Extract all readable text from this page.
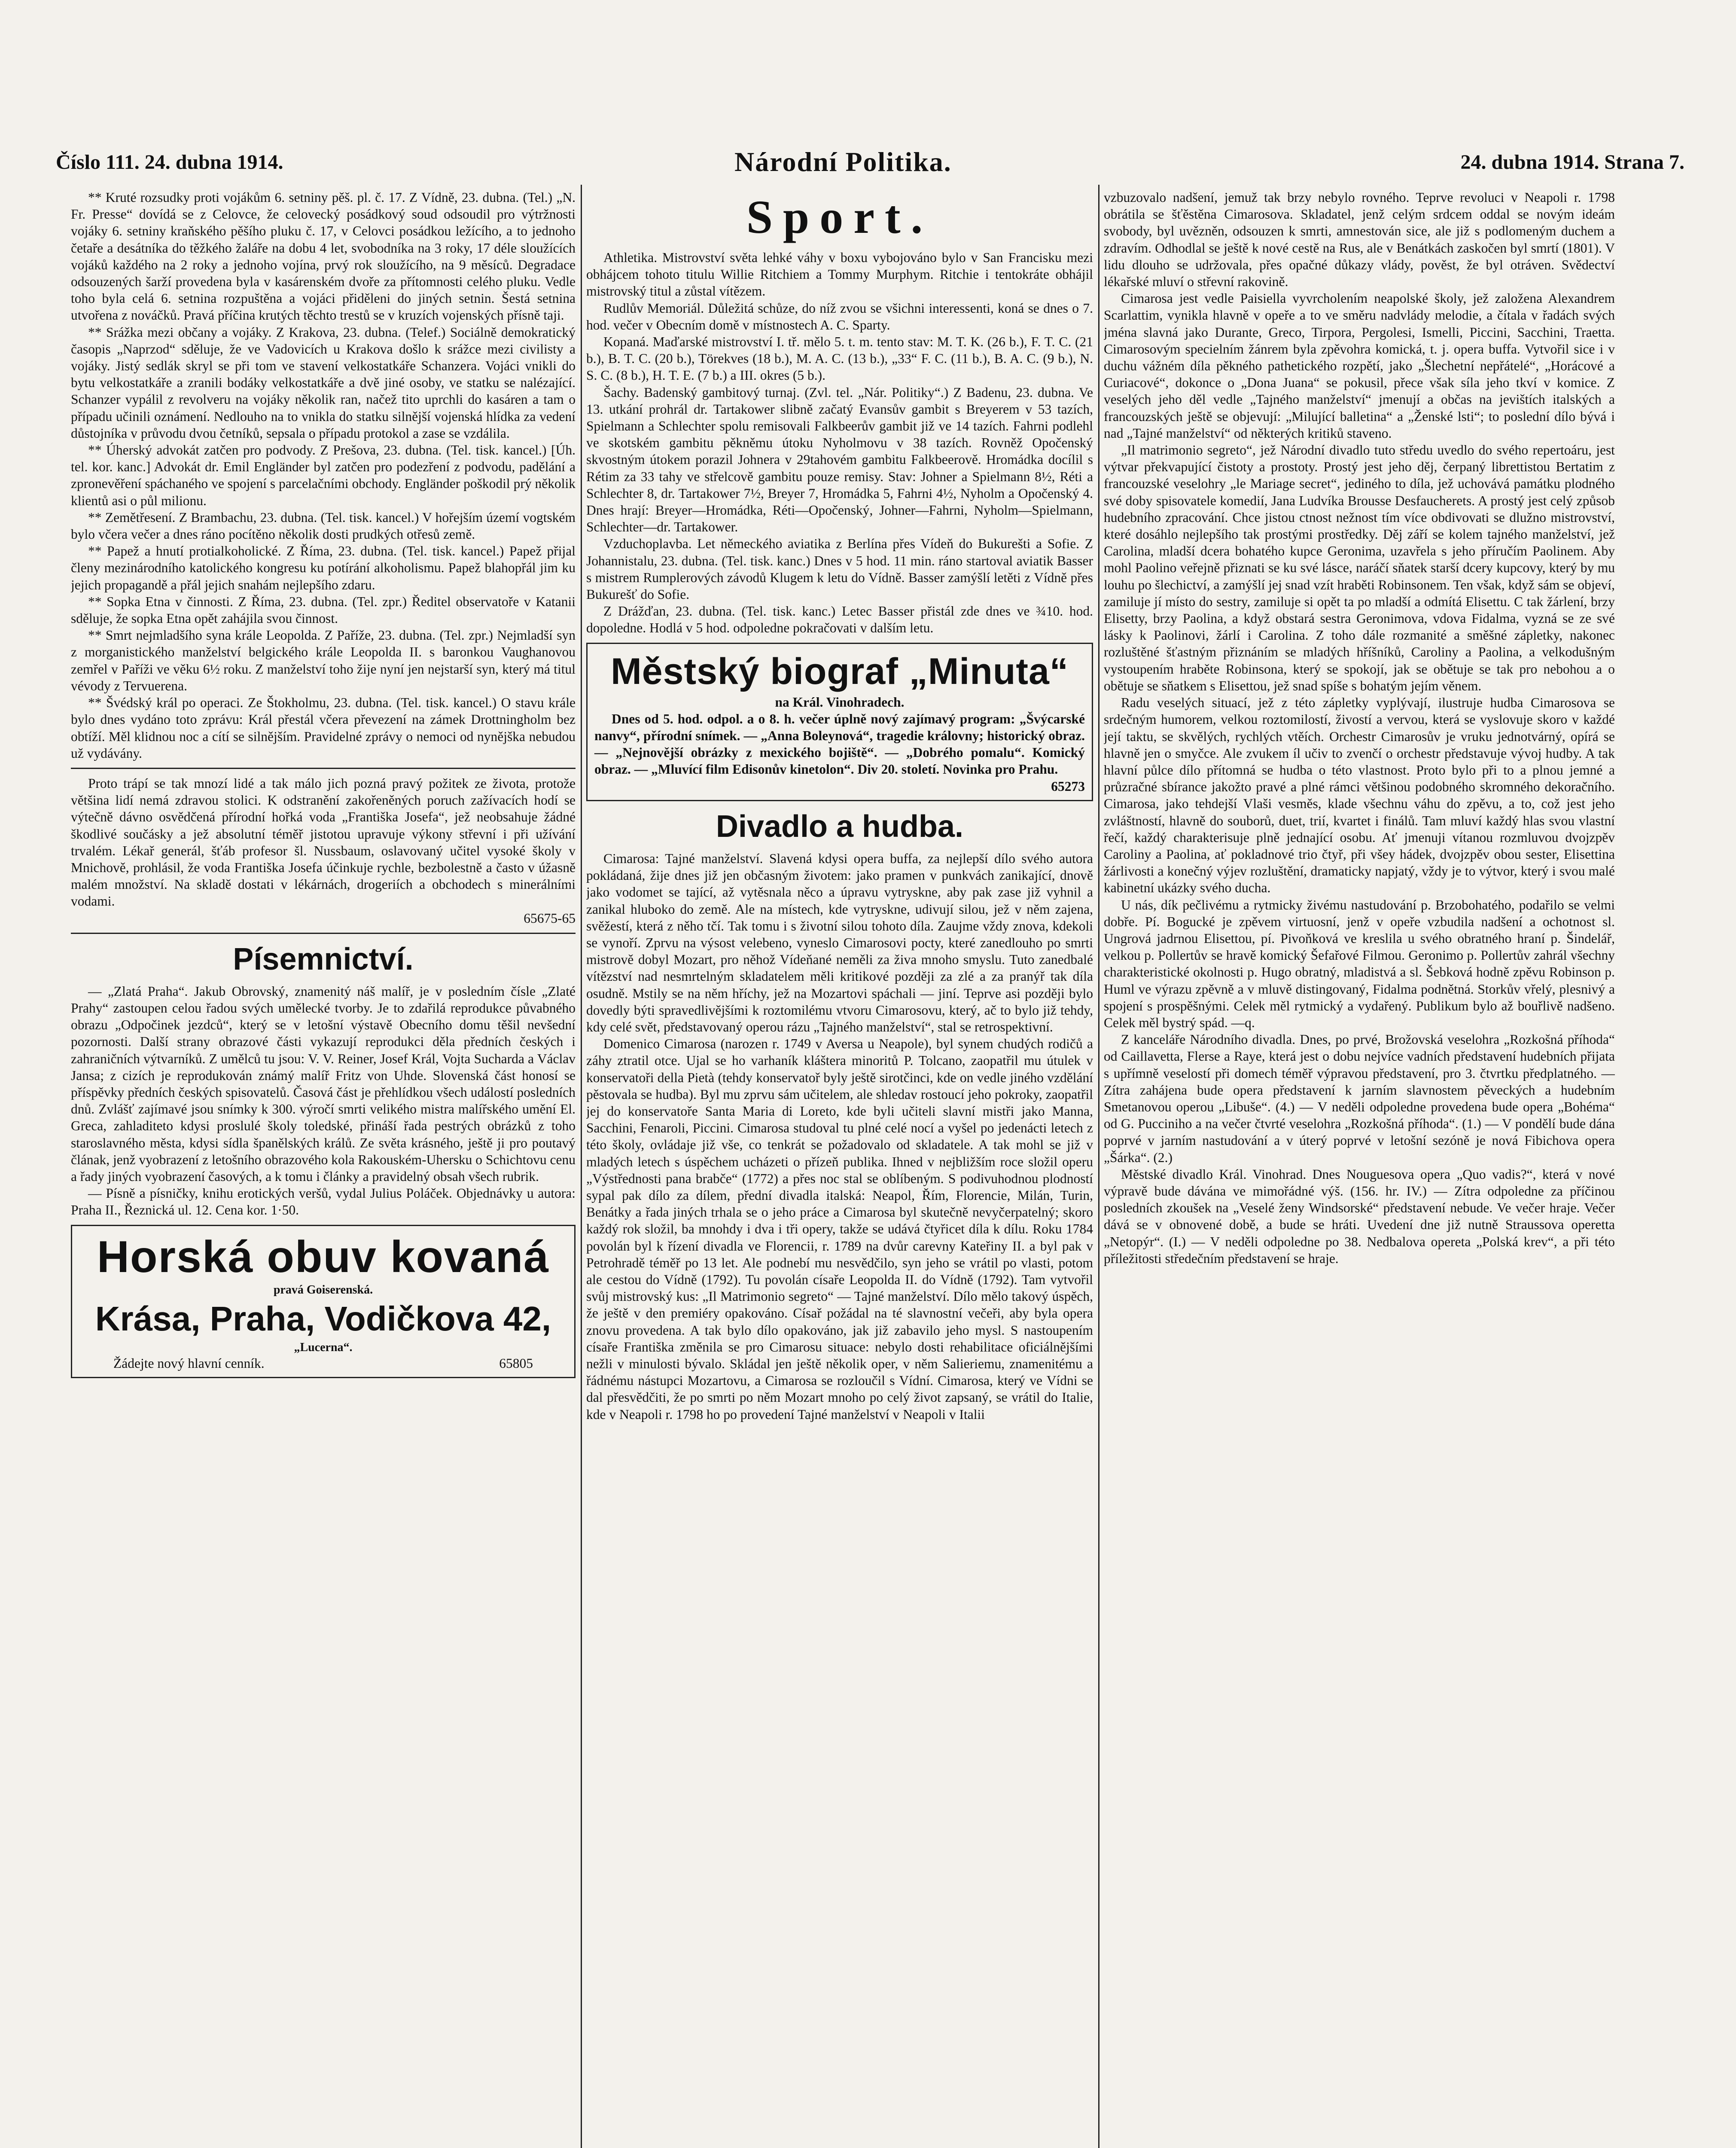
Číslo 111. 24. dubna 1914.	Národní Politika.	24. dubna 1914. Strana 7.

** Kruté rozsudky proti vojákům 6. setniny pěš. pl. č. 17. Z Vídně, 23. dubna. (Tel.) „N. Fr. Presse“ dovídá se z Celovce, že celovecký posádkový soud odsoudil pro výtržnosti vojáky 6. setniny kraňského pěšího pluku č. 17, v Celovci posádkou ležícího, a to jednoho četaře a desátníka do těžkého žaláře na dobu 4 let, svobodníka na 3 roky, 17 déle sloužících vojáků každého na 2 roky a jednoho vojína, prvý rok sloužícího, na 9 měsíců. Degradace odsouzených šarží provedena byla v kasárenském dvoře za přítomnosti celého pluku. Vedle toho byla celá 6. setnina rozpuštěna a vojáci přiděleni do jiných setnin. Šestá setnina utvořena z nováčků. Pravá příčina krutých těchto trestů se v kruzích vojenských přísně taji.

** Srážka mezi občany a vojáky. Z Krakova, 23. dubna. (Telef.) Sociálně demokratický časopis „Naprzod“ sděluje, že ve Vadovicích u Krakova došlo k srážce mezi civilisty a vojáky. Jistý sedlák skryl se při tom ve stavení velkostatkáře Schanzera. Vojáci vnikli do bytu velkostatkáře a zranili bodáky velkostatkáře a dvě jiné osoby, ve statku se nalézající. Schanzer vypálil z revolveru na vojáky několik ran, načež tito uprchli do kasáren a tam o případu učinili oznámení. Nedlouho na to vnikla do statku silnější vojenská hlídka za vedení důstojníka v průvodu dvou četníků, sepsala o případu protokol a zase se vzdálila.

** Úherský advokát zatčen pro podvody. Z Prešova, 23. dubna. (Tel. tisk. kancel.) [Úh. tel. kor. kanc.] Advokát dr. Emil Engländer byl zatčen pro podezření z podvodu, padělání a zpronevěření spáchaného ve spojení s parcelačními obchody. Engländer poškodil prý několik klientů asi o půl milionu.

** Zemětřesení. Z Brambachu, 23. dubna. (Tel. tisk. kancel.) V hořejším území vogtském bylo včera večer a dnes ráno pocítěno několik dosti prudkých otřesů země.

** Papež a hnutí protialkoholické. Z Říma, 23. dubna. (Tel. tisk. kancel.) Papež přijal členy mezinárodního katolického kongresu ku potírání alkoholismu. Papež blahopřál jim ku jejich propagandě a přál jejich snahám nejlepšího zdaru.

** Sopka Etna v činnosti. Z Říma, 23. dubna. (Tel. zpr.) Ředitel observatoře v Katanii sděluje, že sopka Etna opět zahájila svou činnost.

** Smrt nejmladšího syna krále Leopolda. Z Paříže, 23. dubna. (Tel. zpr.) Nejmladší syn z morganistického manželství belgického krále Leopolda II. s baronkou Vaughanovou zemřel v Paříži ve věku 6½ roku. Z manželství toho žije nyní jen nejstarší syn, který má titul vévody z Tervuerena.

** Švédský král po operaci. Ze Štokholmu, 23. dubna. (Tel. tisk. kancel.) O stavu krále bylo dnes vydáno toto zprávu: Král přestál včera převezení na zámek Drottningholm bez obtíží. Měl klidnou noc a cítí se silnějším. Pravidelné zprávy o nemoci od nynějška nebudou už vydávány.

Proto trápí se tak mnozí lidé a tak málo jich pozná pravý požitek ze života, protože většina lidí nemá zdravou stolici. K odstranění zakořeněných poruch zažívacích hodí se výtečně dávno osvědčená přírodní hořká voda „Františka Josefa“, jež neobsahuje žádné škodlivé součásky a jež absolutní téměř jistotou upravuje výkony střevní i při užívání trvalém. Lékař generál, šťáb profesor šl. Nussbaum, oslavovaný učitel vysoké školy v Mnichově, prohlásil, že voda Františka Josefa účinkuje rychle, bezbolestně a často v úžasně malém množství. Na skladě dostati v lékárnách, drogeriích a obchodech s minerálními vodami.

65675-65
Písemnictví.

— „Zlatá Praha“. Jakub Obrovský, znamenitý náš malíř, je v posledním čísle „Zlaté Prahy“ zastoupen celou řadou svých umělecké tvorby. Je to zdařilá reprodukce půvabného obrazu „Odpočinek jezdců“, který se v letošní výstavě Obecního domu těšil nevšední pozornosti. Další strany obrazové části vykazují reprodukci děla předních českých i zahraničních výtvarníků. Z umělců tu jsou: V. V. Reiner, Josef Král, Vojta Suchardа a Václav Jansa; z cizích je reprodukován známý malíř Fritz von Uhde. Slovenská část honosí se příspěvky předních českých spisovatelů. Časová část je přehlídkou všech událostí posledních dnů. Zvlášť zajímavé jsou snímky k 300. výročí smrti velikého mistra malířského umění El. Greca, zahladiteto kdysi proslulé školy toledské, přináší řada pestrých obrázků z toho staroslavného města, kdysi sídla španělských králů. Ze světa krásného, ještě ji pro poutavý člának, jenž vyobrazení z letošního obrazového kola Rakouském-Uhersku o Schichtovu cenu a řady jiných vyobrazení časových, a k tomu i články a pravidelný obsah všech rubrik.

— Písně a písničky, knihu erotických veršů, vydal Julius Poláček. Objednávky u autora: Praha II., Řeznická ul. 12. Cena kor. 1·50.

Horská obuv kovaná
pravá Goiserenská.
Krása, Praha, Vodičkova 42,
„Lucerna“.
Žádejte nový hlavní cenník.	65805
Sport.

Athletika. Mistrovství světa lehké váhy v boxu vybojováno bylo v San Francisku mezi obhájcem tohoto titulu Willie Ritchiem a Tommy Murphym. Ritchie i tentokráte obhájil mistrovský titul a zůstal vítězem.

Rudlův Memoriál. Důležitá schůze, do níž zvou se všichni interessenti, koná se dnes o 7. hod. večer v Obecním domě v místnostech A. C. Sparty.

Kopaná. Maďarské mistrovství I. tř. mělo 5. t. m. tento stav: M. T. K. (26 b.), F. T. C. (21 b.), B. T. C. (20 b.), Törekves (18 b.), M. A. C. (13 b.), „33“ F. C. (11 b.), B. A. C. (9 b.), N. S. C. (8 b.), H. T. E. (7 b.) a III. okres (5 b.).

Šachy. Badenský gambitový turnaj. (Zvl. tel. „Nár. Politiky“.) Z Badenu, 23. dubna. Ve 13. utkání prohrál dr. Tartakower slibně začatý Evansův gambit s Breyerem v 53 tazích, Spielmann a Schlechter spolu remisovali Falkbeerův gambit již ve 14 tazích. Fahrni podlehl ve skotském gambitu pěkněmu útoku Nyholmovu v 38 tazích. Rovněž Opočenský skvostným útokem porazil Johnera v 29tahovém gambitu Falkbeerově. Hromádka docílil s Rétim za 33 tahy ve střelcově gambitu pouze remisy. Stav: Johner a Spielmann 8½, Réti a Schlechter 8, dr. Tartakower 7½, Breyer 7, Hromádka 5, Fahrni 4½, Nyholm a Opočenský 4. Dnes hrají: Breyer—Hromádka, Réti—Opočenský, Johner—Fahrni, Nyholm—Spielmann, Schlechter—dr. Tartakower.

Vzduchoplavba. Let německého aviatika z Berlína přes Vídeň do Bukurešti a Sofie. Z Johannistalu, 23. dubna. (Tel. tisk. kanc.) Dnes v 5 hod. 11 min. ráno startoval aviatik Basser s mistrem Rumplerových závodů Klugem k letu do Vídně. Basser zamýšlí letěti z Vídně přes Bukurešť do Sofie.

Z Drážďan, 23. dubna. (Tel. tisk. kanc.) Letec Basser přistál zde dnes ve ¾10. hod. dopoledne. Hodlá v 5 hod. odpoledne pokračovati v dalším letu.

Městský biograf „Minuta“
na Král. Vinohradech.

Dnes od 5. hod. odpol. a o 8. h. večer úplně nový zajímavý program: „Švýcarské nanvy“, přírodní snímek. — „Anna Boleynová“, tragedie královny; historický obraz. — „Nejnovější obrázky z mexického bojiště“. — „Dobrého pomalu“. Komický obraz. — „Mluvící film Edisonův kinetolon“. Div 20. století. Novinka pro Prahu.

65273
Divadlo a hudba.

Cimarosa: Tajné manželství. Slavená kdysi opera buffa, za nejlepší dílo svého autora pokládaná, žije dnes již jen občasným životem: jako pramen v punkvách zanikající, dnově jako vodomet se tající, až vytěsnala něco a úpravu vytryskne, aby pak zase již vyhnil a zanikal hluboko do země. Ale na místech, kde vytryskne, udivují silou, jež v něm zajena, svěžestí, která z něho tčí. Tak tomu i s životní silou tohoto díla. Zaujme vždy znova, kdekoli se vynoří. Zprvu na výsost velebeno, vyneslo Cimarosovi pocty, které zanedlouho po smrti mistrově dobyl Mozart, pro něhož Vídeňané neměli za živa mnoho smyslu. Tuto zanedbalé vítězství nad nesmrtelným skladatelem měli kritikové později za zlé a za pranýř tak díla osudně. Mstily se na něm hříchy, jež na Mozartovi spáchali — jiní. Teprve asi později bylo dovedly býti spravedlivějšími k roztomilému vtvoru Cimarosovu, který, ač to bylo již tehdy, kdy celé svět, představovaný operou rázu „Tajného manželství“, stal se retrospektivní.

Domenico Cimarosa (narozen r. 1749 v Aversa u Neapole), byl synem chudých rodičů a záhy ztratil otce. Ujal se ho varhaník klášterа minoritů P. Tolcano, zaopatřil mu útulek v konservatoři della Pietà (tehdy konservatoř byly ještě sirotčinci, kde on vedle jiného vzdělání pěstovala se hudba). Byl mu zprvu sám učitelem, ale shledav rostoucí jeho pokroky, zaopatřil jej do konservatoře Santa Maria di Loreto, kde byli učiteli slavní mistři jako Manna, Sacchini, Fenaroli, Piccini. Cimarosa studoval tu plné celé nocí a vyšel po jedenácti letech z této školy, ovládaje již vše, co tenkrát se požadovalo od skladatele. A tak mohl se již v mladých letech s úspěchem ucházeti o přízeň publika. Ihned v nejbližším roce složil operu „Výstřednosti pana brabče“ (1772) a přes noc stal se oblíbeným. S podivuhodnou plodností sypal pak dílo za dílem, přední divadla italská: Neapol, Řím, Florencie, Milán, Turin, Benátky a řada jiných trhala se o jeho práce a Cimarosa byl skutečně nevyčerpatelný; skoro každý rok složil, ba mnohdy i dva i tři opery, takže se udává čtyřicet díla k dílu. Roku 1784 povolán byl k řízení divadla ve Florencii, r. 1789 na dvůr carevny Kateřiny II. a byl pak v Petrohradě téměř po 13 let. Ale podnebí mu nesvědčilo, syn jeho se vrátil po vlasti, potom ale cestou do Vídně (1792). Tu povolán císaře Leopolda II. do Vídně (1792). Tam vytvořil svůj mistrovský kus: „Il Matrimonio segreto“ — Tajné manželství. Dílo mělo takový úspěch, že ještě v den premiéry opakováno. Císař požádal na té slavnostní večeři, aby byla opera znovu provedena. A tak bylo dílo opakováno, jak již zabavilo jeho mysl. S nastoupením císaře Františka změnila se pro Cimarosu situace: nebylo dosti rehabilitace oficiálnějšími nežli v minulosti bývalo. Skládal jen ještě několik oper, v něm Salieriemu, znamenitému a řádnému nástupci Mozartovu, a Cimarosa se rozloučil s Vídní. Cimarosa, který ve Vídni se dal přesvědčiti, že po smrti po něm Mozart mnoho po celý život zapsaný, se vrátil do Italie, kde v Neapoli r. 1798 ho po provedení Tajné manželství v Neapoli v Italii

vzbuzovalo nadšení, jemuž tak brzy nebylo rovného. Teprve revoluci v Neapoli r. 1798 obrátila se šťěstěna Cimarosova. Skladatel, jenž celým srdcem oddal se novým ideám svobody, byl uvězněn, odsouzen k smrti, amnestován sice, ale již s podlomeným duchem a zdravím. Odhodlal se ještě k nové cestě na Rus, ale v Benátkách zaskočen byl smrtí (1801). V lidu dlouho se udržovala, přes opačné důkazy vlády, pověst, že byl otráven. Svědectví lékařské mluví o střevní rakovině.

Cimarosa jest vedle Paisiella vyvrcholením neapolské školy, jež založena Alexandrem Scarlattim, vynikla hlavně v opeře a to ve směru nadvlády melodie, a čítala v řadách svých jména slavná jako Durante, Greco, Tirpora, Pergolesi, Ismelli, Piccini, Sacchini, Traetta. Cimarosovým specielním žánrem byla zpěvohra komická, t. j. opera buffa. Vytvořil sice i v duchu vážném díla pěkného pathetického rozpětí, jako „Šlechetní nepřátelé“, „Horácové a Curiacové“, dokonce o „Dona Juana“ se pokusil, přece však síla jeho tkví v komice. Z veselých jeho děl vedle „Tajného manželství“ jmenují a občas na jevištích italských a francouzských ještě se objevují: „Milující balletina“ a „Ženské lsti“; to poslední dílo bývá i nad „Tajné manželství“ od některých kritiků staveno.

„Il matrimonio segreto“, jež Národní divadlo tuto středu uvedlo do svého repertoáru, jest výtvar překvapující čistoty a prostoty. Prostý jest jeho děj, čerpaný librettistou Bertatim z francouzské veselohry „le Mariage secret“, jediného to díla, jež uchovává památku plodného své doby spisovatele komedií, Jana Ludvíka Brousse Desfaucherets. A prostý jest celý způsob hudebního zpracování. Chce jistou ctnost nežnost tím více obdivovati se dlužno mistrovství, které dosáhlo nejlepšího tak prostými prostředky. Děj září se kolem tajného manželství, jež Carolina, mladší dcera bohatého kupce Geronima, uzavřela s jeho příručím Paolinem. Aby mohl Paolino veřejně přiznati se ku své lásce, naráčí sňatek starší dcery kupcovy, který by mu louhu po šlechictví, a zamýšlí jej snad vzít hraběti Robinsonem. Ten však, když sám se objeví, zamiluje jí místo do sestry, zamiluje si opět ta po mladší a odmítá Elisettu. C tak žárlení, brzy Elisetty, brzy Paolina, a když obstará sestra Geronimova, vdova Fidalma, vyzná se ze své lásky k Paolinovi, žárlí i Carolina. Z toho dále rozmanité a směšné zápletky, nakonec rozluštěné šťastným přiznáním se mladých hříšníků, Caroliny a Paolina, a velkodušným vystoupením hraběte Robinsona, který se spokojí, jak se obětuje se tak pro nebohou a o obětuje se sňatkem s Elisettou, jež snad spíše s bohatým jejím věnem.

Radu veselých situací, jež z této zápletky vyplývají, ilustruje hudba Cimarosova se srdečným humorem, velkou roztomilostí, živostí a vervou, která se vyslovuje skoro v každé její taktu, se skvělých, rychlých vtěích. Orchestr Cimarosův je vruku jednotvárný, opírá se hlavně jen o smyčce. Ale zvukem íl učiv to zvenčí o orchestr představuje vývoj hudby. A tak hlavní půlce dílo přítomná se hudba o této vlastnost. Proto bylo při to a plnou jemné a průzračné sbírance jakožto pravé a plné rámci většinou podobného skromného dekoračního. Cimarosa, jako tehdejší Vlaši vesměs, klade všechnu váhu do zpěvu, a to, což jest jeho zvláštností, hlavně do souborů, duet, trií, kvartet i finálů. Tam mluví každý hlas svou vlastní řečí, každý charakterisuje plně jednající osobu. Ať jmenuji vítanou rozmluvou dvojzpěv Caroliny a Paolina, ať pokladnové trio čtyř, při všey hádek, dvojzpěv obou sester, Elisettina žárlivosti a konečný výjev rozluštění, dramaticky napjatý, vždy je to výtvor, který i svou malé kabinetní ukázky svého ducha.

U nás, dík pečlivému a rytmicky živému nastudování p. Brzobohatého, podařilo se velmi dobře. Pí. Bogucké je zpěvem virtuosní, jenž v opeře vzbudila nadšení a ochotnost sl. Ungrová jadrnou Elisettou, pí. Pivoňková ve kreslila u svého obratného hraní p. Šindelář, velkou p. Pollertův se hravě komický Šefařové Filmou. Geronimo p. Pollertův zahrál všechny charakteristické okolnosti p. Hugo obratný, mladistvá a sl. Šebková hodně zpěvu Robinson p. Huml ve výrazu zpěvně a v mluvě distingovaný, Fidalma podnětná. Storkův vřelý, plesnivý a spojení s prospěšnými. Celek měl rytmický a vydařený. Publikum bylo až bouřlivě nadšeno. Celek měl bystrý spád. —q.

Z kanceláře Národního divadla. Dnes, po prvé, Brožovská veselohra „Rozkošná příhoda“ od Caillavetta, Flerse a Raye, která jest o dobu nejvíce vadních představení hudebních přijata s upřímně veselostí při domech téměř výpravou představení, pro 3. čtvrtku předplatného. — Zítra zahájena bude opera představení k jarním slavnostem pěveckých a hudebním Smetanovou operou „Libuše“. (4.) — V neděli odpoledne provedena bude opera „Bohéma“ od G. Pucciniho a na večer čtvrté veselohra „Rozkošná příhoda“. (1.) — V pondělí bude dána poprvé v jarním nastudování a v úterý poprvé v letošní sezóně je nová Fibichova opera „Šárka“. (2.)

Městské divadlo Král. Vinohrad. Dnes Nouguesova opera „Quo vadis?“, která v nové výpravě bude dávána ve mimořádné výš. (156. hr. IV.) — Zítra odpoledne za příčinou posledních zkoušek na „Veselé ženy Windsorské“ představení nebude. Ve večer hraje. Večer dává se v obnovené době, a bude se hráti. Uvedení dne již nutně Straussova operetta „Netopýr“. (I.) — V neděli odpoledne po 38. Nedbalova opereta „Polská krev“, a při této příležitosti středečním představení se hraje.
